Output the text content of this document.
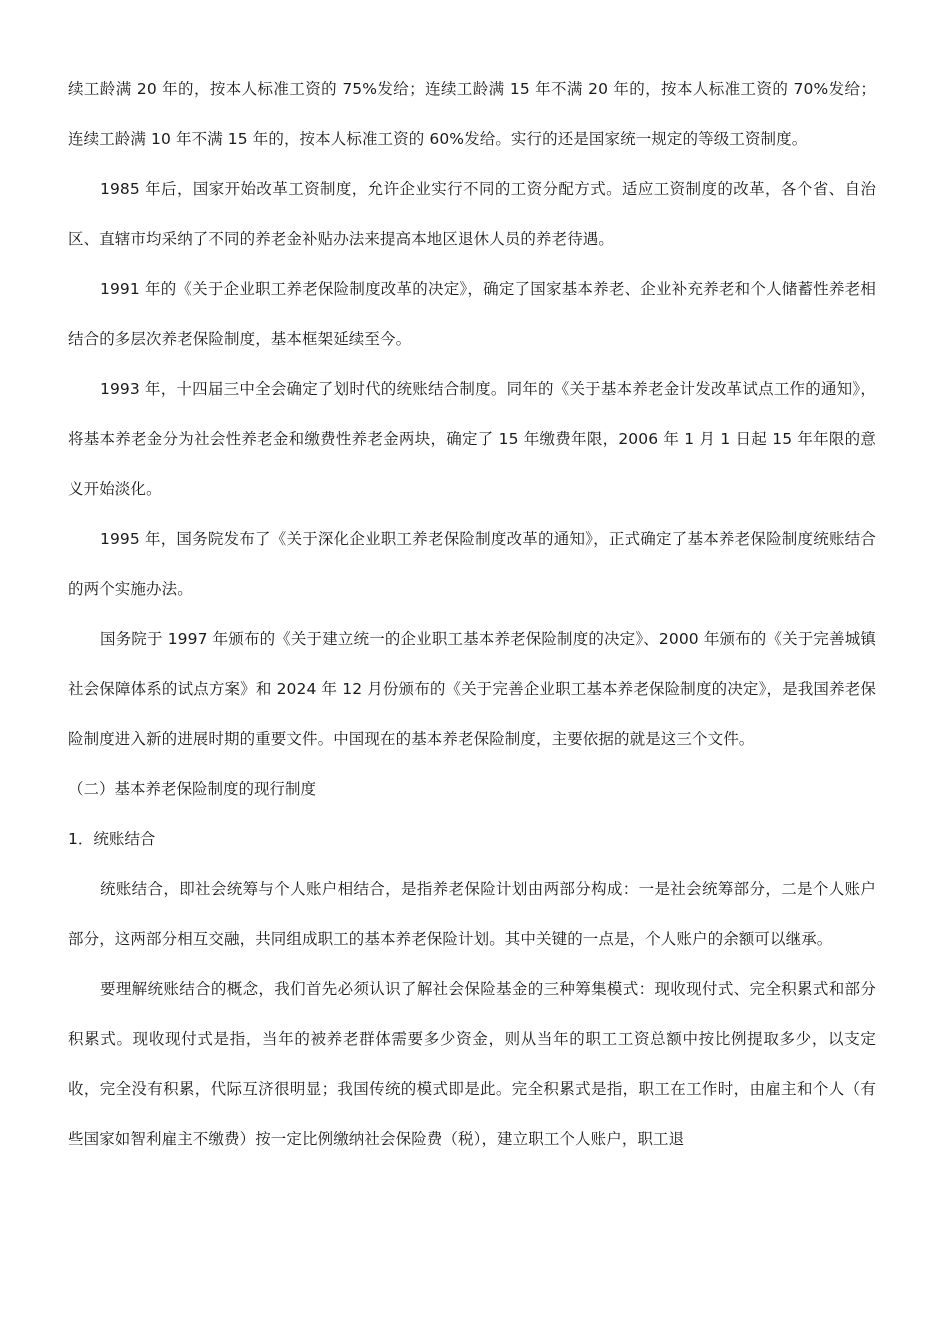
续工龄满 20 年的，按本人标准工资的 75%发给；连续工龄满 15 年不满 20 年的，按本人标准工资的 70%发给；连续工龄满 10 年不满 15 年的，按本人标准工资的 60%发给。实行的还是国家统一规定的等级工资制度。

1985 年后，国家开始改革工资制度，允许企业实行不同的工资分配方式。适应工资制度的改革，各个省、自治区、直辖市均采纳了不同的养老金补贴办法来提高本地区退休人员的养老待遇。

1991 年的《关于企业职工养老保险制度改革的决定》，确定了国家基本养老、企业补充养老和个人储蓄性养老相结合的多层次养老保险制度，基本框架延续至今。

1993 年，十四届三中全会确定了划时代的统账结合制度。同年的《关于基本养老金计发改革试点工作的通知》，将基本养老金分为社会性养老金和缴费性养老金两块，确定了 15 年缴费年限，2006 年 1 月 1 日起 15 年年限的意义开始淡化。

1995 年，国务院发布了《关于深化企业职工养老保险制度改革的通知》，正式确定了基本养老保险制度统账结合的两个实施办法。

国务院于 1997 年颁布的《关于建立统一的企业职工基本养老保险制度的决定》、2000 年颁布的《关于完善城镇社会保障体系的试点方案》和 2024 年 12 月份颁布的《关于完善企业职工基本养老保险制度的决定》，是我国养老保险制度进入新的进展时期的重要文件。中国现在的基本养老保险制度，主要依据的就是这三个文件。

（二）基本养老保险制度的现行制度

1．统账结合

统账结合，即社会统筹与个人账户相结合，是指养老保险计划由两部分构成：一是社会统筹部分，二是个人账户部分，这两部分相互交融，共同组成职工的基本养老保险计划。其中关键的一点是，个人账户的余额可以继承。

要理解统账结合的概念，我们首先必须认识了解社会保险基金的三种筹集模式：现收现付式、完全积累式和部分积累式。现收现付式是指，当年的被养老群体需要多少资金，则从当年的职工工资总额中按比例提取多少，以支定收，完全没有积累，代际互济很明显；我国传统的模式即是此。完全积累式是指，职工在工作时，由雇主和个人（有些国家如智利雇主不缴费）按一定比例缴纳社会保险费（税），建立职工个人账户，职工退
